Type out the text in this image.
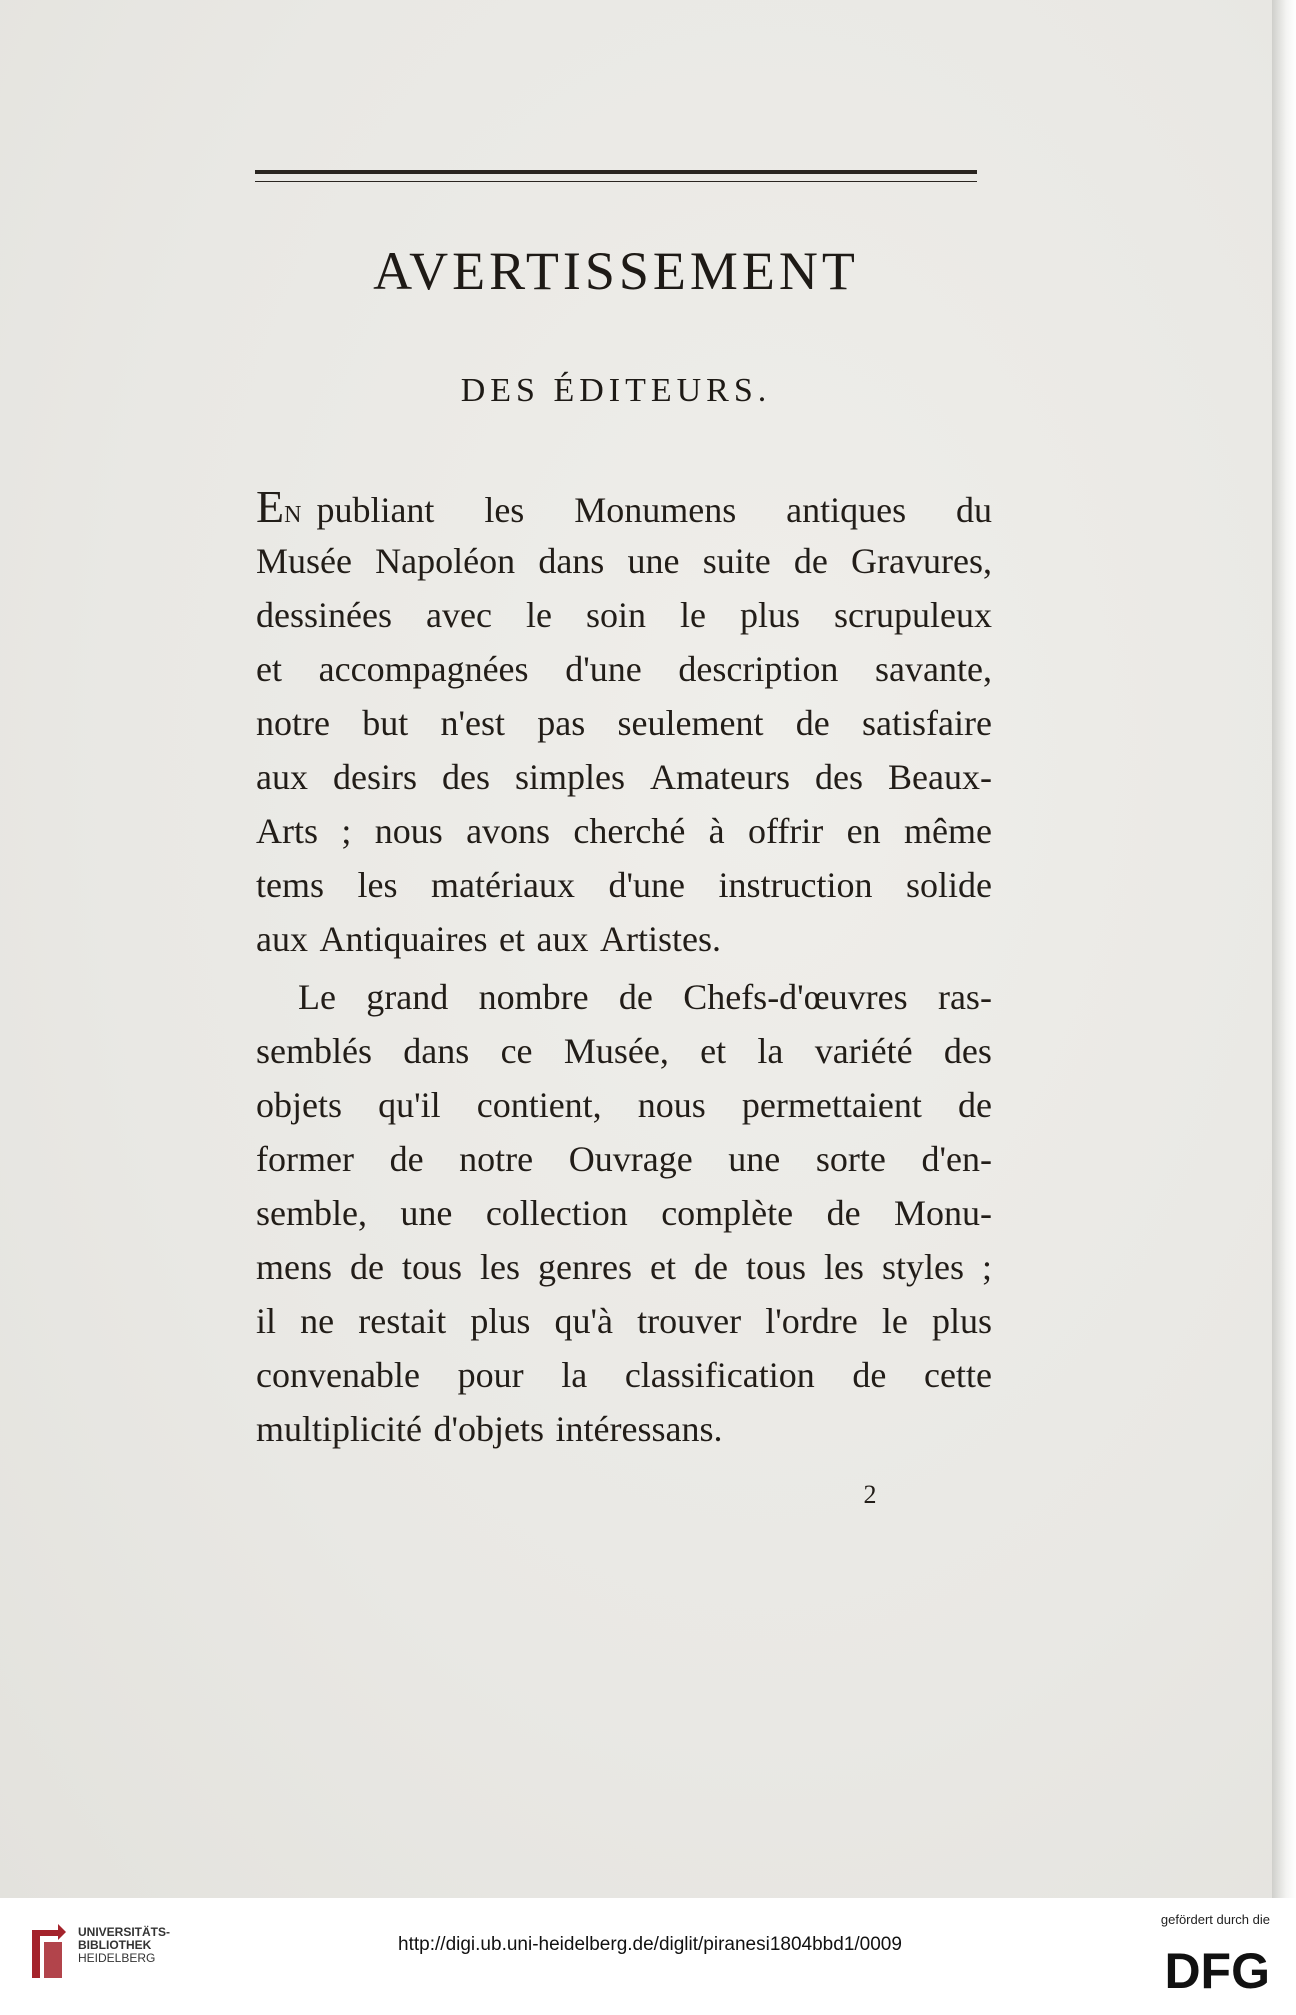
AVERTISSEMENT
DES ÉDITEURS.
EN publiant les Monumens antiques du
Musée Napoléon dans une suite de Gravures,
dessinées avec le soin le plus scrupuleux
et accompagnées d'une description savante,
notre but n'est pas seulement de satisfaire
aux desirs des simples Amateurs des Beaux-
Arts ; nous avons cherché à offrir en même
tems les matériaux d'une instruction solide
aux Antiquaires et aux Artistes.
Le grand nombre de Chefs-d'œuvres ras-
semblés dans ce Musée, et la variété des
objets qu'il contient, nous permettaient de
former de notre Ouvrage une sorte d'en-
semble, une collection complète de Monu-
mens de tous les genres et de tous les styles ;
il ne restait plus qu'à trouver l'ordre le plus
convenable pour la classification de cette
multiplicité d'objets intéressans.
2
UNIVERSITÄTS-
BIBLIOTHEK
HEIDELBERG
http://digi.ub.uni-heidelberg.de/diglit/piranesi1804bbd1/0009
gefördert durch die
DFG
